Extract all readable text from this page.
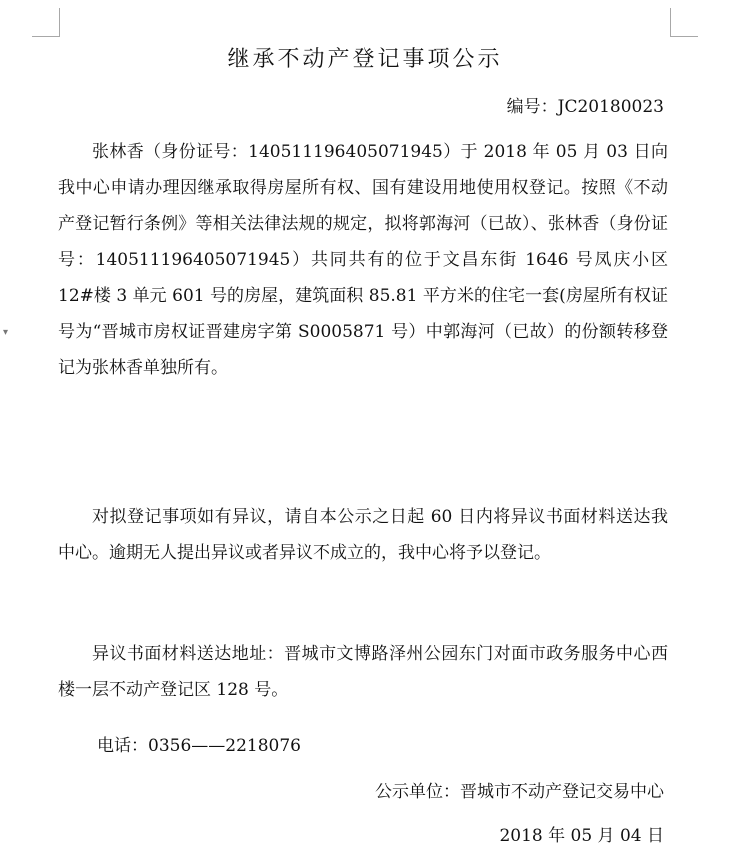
▾
继承不动产登记事项公示
编号：JC20180023

张林香（身份证号：140511196405071945）于 2018 年 05 月 03 日向我中心申请办理因继承取得房屋所有权、国有建设用地使用权登记。按照《不动产登记暂行条例》等相关法律法规的规定，拟将郭海河（已故）、张林香（身份证号：140511196405071945）共同共有的位于文昌东街 1646 号凤庆小区 12#楼 3 单元 601 号的房屋，建筑面积 85.81 平方米的住宅一套(房屋所有权证号为“晋城市房权证晋建房字第 S0005871 号）中郭海河（已故）的份额转移登记为张林香单独所有。

对拟登记事项如有异议，请自本公示之日起 60 日内将异议书面材料送达我中心。逾期无人提出异议或者异议不成立的，我中心将予以登记。

异议书面材料送达地址：晋城市文博路泽州公园东门对面市政务服务中心西楼一层不动产登记区 128 号。

电话：0356——2218076
公示单位：晋城市不动产登记交易中心
2018 年 05 月 04 日
